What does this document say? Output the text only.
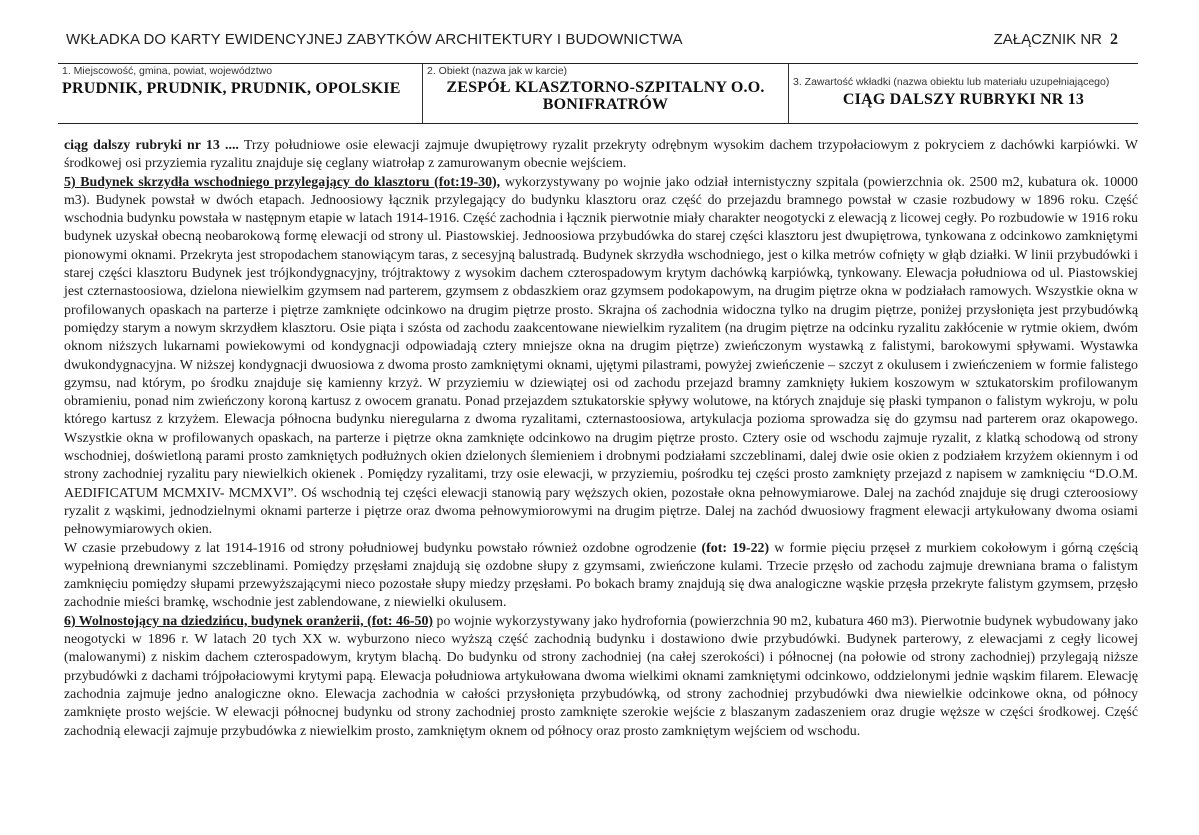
WKŁADKA DO KARTY EWIDENCYJNEJ ZABYTKÓW ARCHITEKTURY I BUDOWNICTWA	ZAŁĄCZNIK NR 2
1. Miejscowość, gmina, powiat, województwo
PRUDNIK, PRUDNIK, PRUDNIK, OPOLSKIE
2. Obiekt (nazwa jak w karcie)
ZESPÓŁ KLASZTORNO-SZPITALNY O.O. BONIFRATRÓW
3. Zawartość wkładki (nazwa obiektu lub materiału uzupełniającego)
CIĄG DALSZY RUBRYKI NR 13

ciąg dalszy rubryki nr 13 .... Trzy południowe osie elewacji zajmuje dwupiętrowy ryzalit przekryty odrębnym wysokim dachem trzypołaciowym z pokryciem z dachówki karpiówki. W środkowej osi przyziemia ryzalitu znajduje się ceglany wiatrołap z zamurowanym obecnie wejściem.

5) Budynek skrzydła wschodniego przylegający do klasztoru (fot:19-30), wykorzystywany po wojnie jako odział internistyczny szpitala (powierzchnia ok. 2500 m2, kubatura ok. 10000 m3). Budynek powstał w dwóch etapach. Jednoosiowy łącznik przylegający do budynku klasztoru oraz część do przejazdu bramnego powstał w czasie rozbudowy w 1896 roku. Część wschodnia budynku powstała w następnym etapie w latach 1914-1916. Część zachodnia i łącznik pierwotnie miały charakter neogotycki z elewacją z licowej cegły. Po rozbudowie w 1916 roku budynek uzyskał obecną neobarokową formę elewacji od strony ul. Piastowskiej. Jednoosiowa przybudówka do starej części klasztoru jest dwupiętrowa, tynkowana z odcinkowo zamkniętymi pionowymi oknami. Przekryta jest stropodachem stanowiącym taras, z secesyjną balustradą. Budynek skrzydła wschodniego, jest o kilka metrów cofnięty w głąb działki. W linii przybudówki i starej części klasztoru Budynek jest trójkondygnacyjny, trójtraktowy z wysokim dachem czterospadowym krytym dachówką karpiówką, tynkowany. Elewacja południowa od ul. Piastowskiej jest czternastoosiowa, dzielona niewielkim gzymsem nad parterem, gzymsem z obdaszkiem oraz gzymsem podokapowym, na drugim piętrze okna w podziałach ramowych. Wszystkie okna w profilowanych opaskach na parterze i piętrze zamknięte odcinkowo na drugim piętrze prosto. Skrajna oś zachodnia widoczna tylko na drugim piętrze, poniżej przysłonięta jest przybudówką pomiędzy starym a nowym skrzydłem klasztoru. Osie piąta i szósta od zachodu zaakcentowane niewielkim ryzalitem (na drugim piętrze na odcinku ryzalitu zakłócenie w rytmie okiem, dwóm oknom niższych lukarnami powiekowymi od kondygnacji odpowiadają cztery mniejsze okna na drugim piętrze) zwieńczonym wystawką z falistymi, barokowymi spływami. Wystawka dwukondygnacyjna. W niższej kondygnacji dwuosiowa z dwoma prosto zamkniętymi oknami, ujętymi pilastrami, powyżej zwieńczenie – szczyt z okulusem i zwieńczeniem w formie falistego gzymsu, nad którym, po środku znajduje się kamienny krzyż. W przyziemiu w dziewiątej osi od zachodu przejazd bramny zamknięty łukiem koszowym w sztukatorskim profilowanym obramieniu, ponad nim zwieńczony koroną kartusz z owocem granatu. Ponad przejazdem sztukatorskie spływy wolutowe, na których znajduje się płaski tympanon o falistym wykroju, w polu którego kartusz z krzyżem. Elewacja północna budynku nieregularna z dwoma ryzalitami, czternastoosiowa, artykulacja pozioma sprowadza się do gzymsu nad parterem oraz okapowego. Wszystkie okna w profilowanych opaskach, na parterze i piętrze okna zamknięte odcinkowo na drugim piętrze prosto. Cztery osie od wschodu zajmuje ryzalit, z klatką schodową od strony wschodniej, doświetloną parami prosto zamkniętych podłużnych okien dzielonych ślemieniem i drobnymi podziałami szczeblinami, dalej dwie osie okien z podziałem krzyżem okiennym i od strony zachodniej ryzalitu pary niewielkich okienek . Pomiędzy ryzalitami, trzy osie elewacji, w przyziemiu, pośrodku tej części prosto zamknięty przejazd z napisem w zamknięciu “D.O.M. AEDIFICATUM MCMXIV- MCMXVI”. Oś wschodnią tej części elewacji stanowią pary węższych okien, pozostałe okna pełnowymiarowe. Dalej na zachód znajduje się drugi czteroosiowy ryzalit z wąskimi, jednodzielnymi oknami parterze i piętrze oraz dwoma pełnowymiorowymi na drugim piętrze. Dalej na zachód dwuosiowy fragment elewacji artykułowany dwoma osiami pełnowymiarowych okien.

W czasie przebudowy z lat 1914-1916 od strony południowej budynku powstało również ozdobne ogrodzenie (fot: 19-22) w formie pięciu przęseł z murkiem cokołowym i górną częścią wypełnioną drewnianymi szczeblinami. Pomiędzy przęsłami znajdują się ozdobne słupy z gzymsami, zwieńczone kulami. Trzecie przęsło od zachodu zajmuje drewniana brama o falistym zamknięciu pomiędzy słupami przewyższającymi nieco pozostałe słupy miedzy przęsłami. Po bokach bramy znajdują się dwa analogiczne wąskie przęsła przekryte falistym gzymsem, przęsło zachodnie mieści bramkę, wschodnie jest zablendowane, z niewielki okulusem.

6) Wolnostojący na dziedzińcu, budynek oranżerii, (fot: 46-50) po wojnie wykorzystywany jako hydrofornia (powierzchnia 90 m2, kubatura 460 m3). Pierwotnie budynek wybudowany jako neogotycki w 1896 r. W latach 20 tych XX w. wyburzono nieco wyższą część zachodnią budynku i dostawiono dwie przybudówki. Budynek parterowy, z elewacjami z cegły licowej (malowanymi) z niskim dachem czterospadowym, krytym blachą. Do budynku od strony zachodniej (na całej szerokości) i północnej (na połowie od strony zachodniej) przylegają niższe przybudówki z dachami trójpołaciowymi krytymi papą. Elewacja południowa artykułowana dwoma wielkimi oknami zamkniętymi odcinkowo, oddzielonymi jednie wąskim filarem. Elewację zachodnia zajmuje jedno analogiczne okno. Elewacja zachodnia w całości przysłonięta przybudówką, od strony zachodniej przybudówki dwa niewielkie odcinkowe okna, od północy zamknięte prosto wejście. W elewacji północnej budynku od strony zachodniej prosto zamknięte szerokie wejście z blaszanym zadaszeniem oraz drugie węższe w części środkowej. Część zachodnią elewacji zajmuje przybudówka z niewielkim prosto, zamkniętym oknem od północy oraz prosto zamkniętym wejściem od wschodu.
